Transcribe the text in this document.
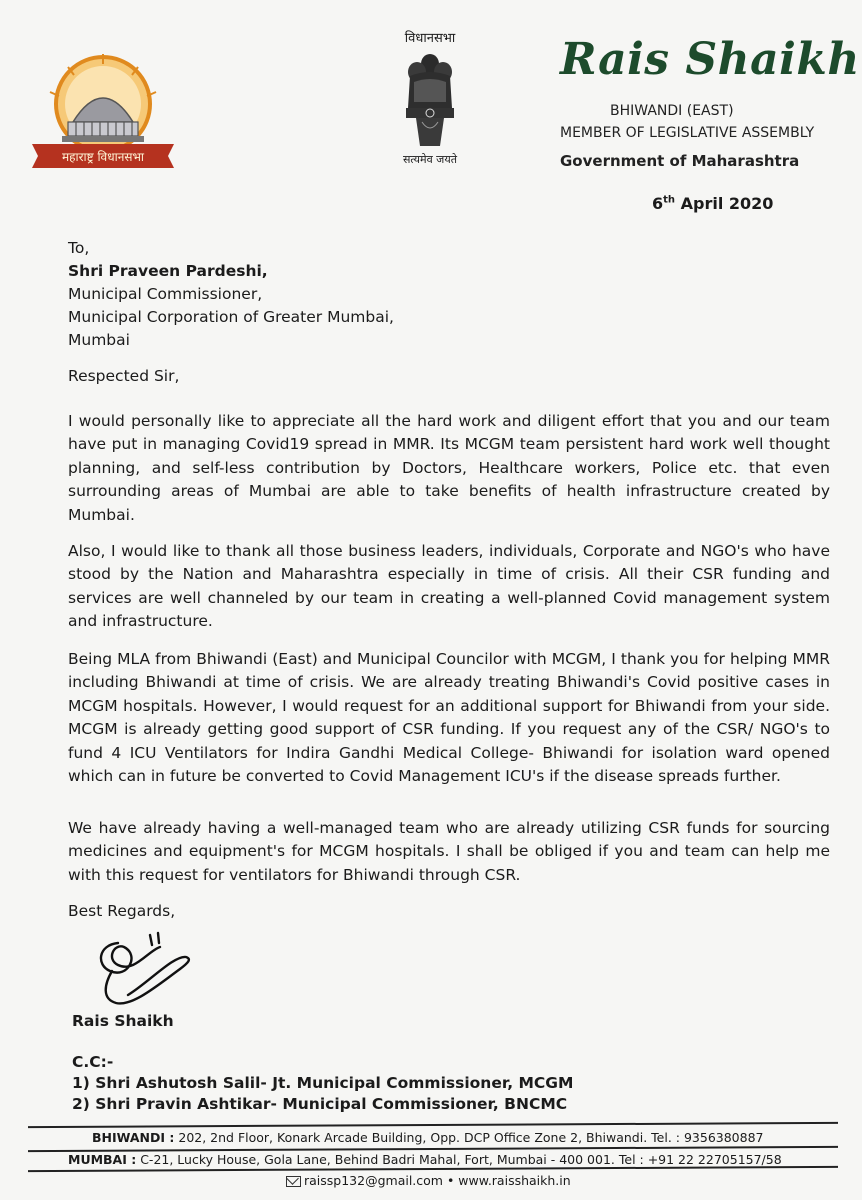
महाराष्ट्र विधानसभा
विधानसभा
सत्यमेव जयते
Rais Shaikh
BHIWANDI (EAST)
MEMBER OF LEGISLATIVE ASSEMBLY
Government of Maharashtra
6th April 2020
To,
Shri Praveen Pardeshi,
Municipal Commissioner,
Municipal Corporation of Greater Mumbai,
Mumbai
Respected Sir,
I would personally like to appreciate all the hard work and diligent effort that you and our team have put in managing Covid19 spread in MMR. Its MCGM team persistent hard work well thought planning, and self-less contribution by Doctors, Healthcare workers, Police etc. that even surrounding areas of Mumbai are able to take benefits of health infrastructure created by Mumbai.
Also, I would like to thank all those business leaders, individuals, Corporate and NGO's who have stood by the Nation and Maharashtra especially in time of crisis. All their CSR funding and services are well channeled by our team in creating a well-planned Covid management system and infrastructure.
Being MLA from Bhiwandi (East) and Municipal Councilor with MCGM, I thank you for helping MMR including Bhiwandi at time of crisis. We are already treating Bhiwandi's Covid positive cases in MCGM hospitals. However, I would request for an additional support for Bhiwandi from your side. MCGM is already getting good support of CSR funding. If you request any of the CSR/ NGO's to fund 4 ICU Ventilators for Indira Gandhi Medical College- Bhiwandi for isolation ward opened which can in future be converted to Covid Management ICU's if the disease spreads further.
We have already having a well-managed team who are already utilizing CSR funds for sourcing medicines and equipment's for MCGM hospitals. I shall be obliged if you and team can help me with this request for ventilators for Bhiwandi through CSR.
Best Regards,
Rais Shaikh
C.C:-
1) Shri Ashutosh Salil- Jt. Municipal Commissioner, MCGM
2) Shri Pravin Ashtikar- Municipal Commissioner, BNCMC
BHIWANDI : 202, 2nd Floor, Konark Arcade Building, Opp. DCP Office Zone 2, Bhiwandi. Tel. : 9356380887
MUMBAI : C-21, Lucky House, Gola Lane, Behind Badri Mahal, Fort, Mumbai - 400 001. Tel : +91 22 22705157/58
raissp132@gmail.com • www.raisshaikh.in
